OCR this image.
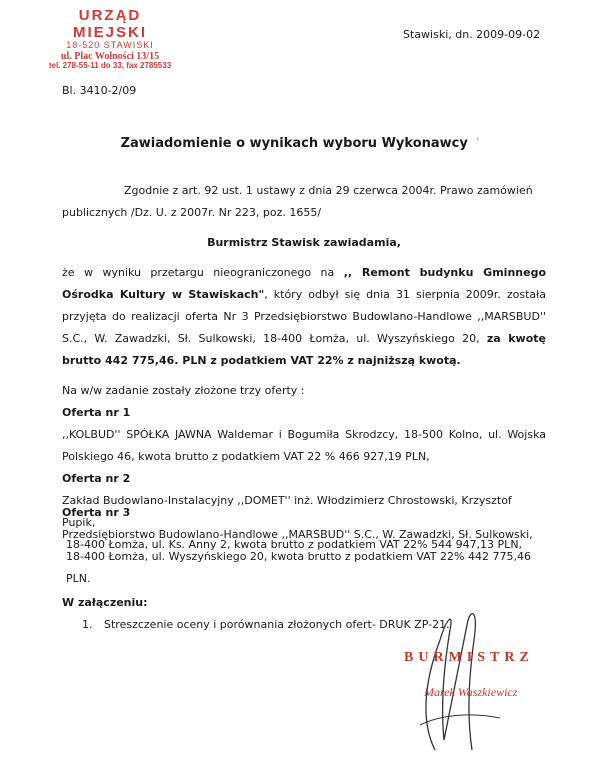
URZĄD MIEJSKI
18-520 STAWISKI
ul. Plac Wolności 13/15
tel. 278-55-11 do 33, fax 2785533
Stawiski, dn. 2009-09-02
Bl. 3410-2/09
Zawiadomienie o wynikach wyboru Wykonawcy '
Zgodnie z art. 92 ust. 1 ustawy z dnia 29 czerwca 2004r. Prawo zamówień
publicznych /Dz. U. z 2007r. Nr 223, poz. 1655/
Burmistrz Stawisk zawiadamia,
że w wyniku przetargu nieograniczonego na ,, Remont budynku Gminnego Ośrodka Kultury w Stawiskach", który odbył się dnia 31 sierpnia 2009r. została przyjęta do realizacji oferta Nr 3 Przedsiębiorstwo Budowlano-Handlowe ,,MARSBUD'' S.C., W. Zawadzki, Sł. Sulkowski, 18-400 Łomża, ul. Wyszyńskiego 20, za kwotę brutto 442 775,46. PLN z podatkiem VAT 22% z najniższą kwotą.
Na w/w zadanie zostały złożone trzy oferty :
Oferta nr 1
,,KOLBUD'' SPÓŁKA JAWNA Waldemar i Bogumiła Skrodzcy, 18-500 Kolno, ul. Wojska Polskiego 46, kwota brutto z podatkiem VAT 22 % 466 927,19 PLN,
Oferta nr 2
Zakład Budowlano-Instalacyjny ,,DOMET'' inż. Włodzimierz Chrostowski, Krzysztof Pupik,
18-400 Łomża, ul. Ks. Anny 2, kwota brutto z podatkiem VAT 22% 544 947,13 PLN,
Oferta nr 3
Przedsiębiorstwo Budowlano-Handlowe ,,MARSBUD'' S.C., W. Zawadzki, Sł. Sulkowski,
18-400 Łomża, ul. Wyszyńskiego 20, kwota brutto z podatkiem VAT 22% 442 775,46 PLN.
W załączeniu:
1. Streszczenie oceny i porównania złożonych ofert- DRUK ZP-21.
BURMISTRZ
Marek Waszkiewicz
